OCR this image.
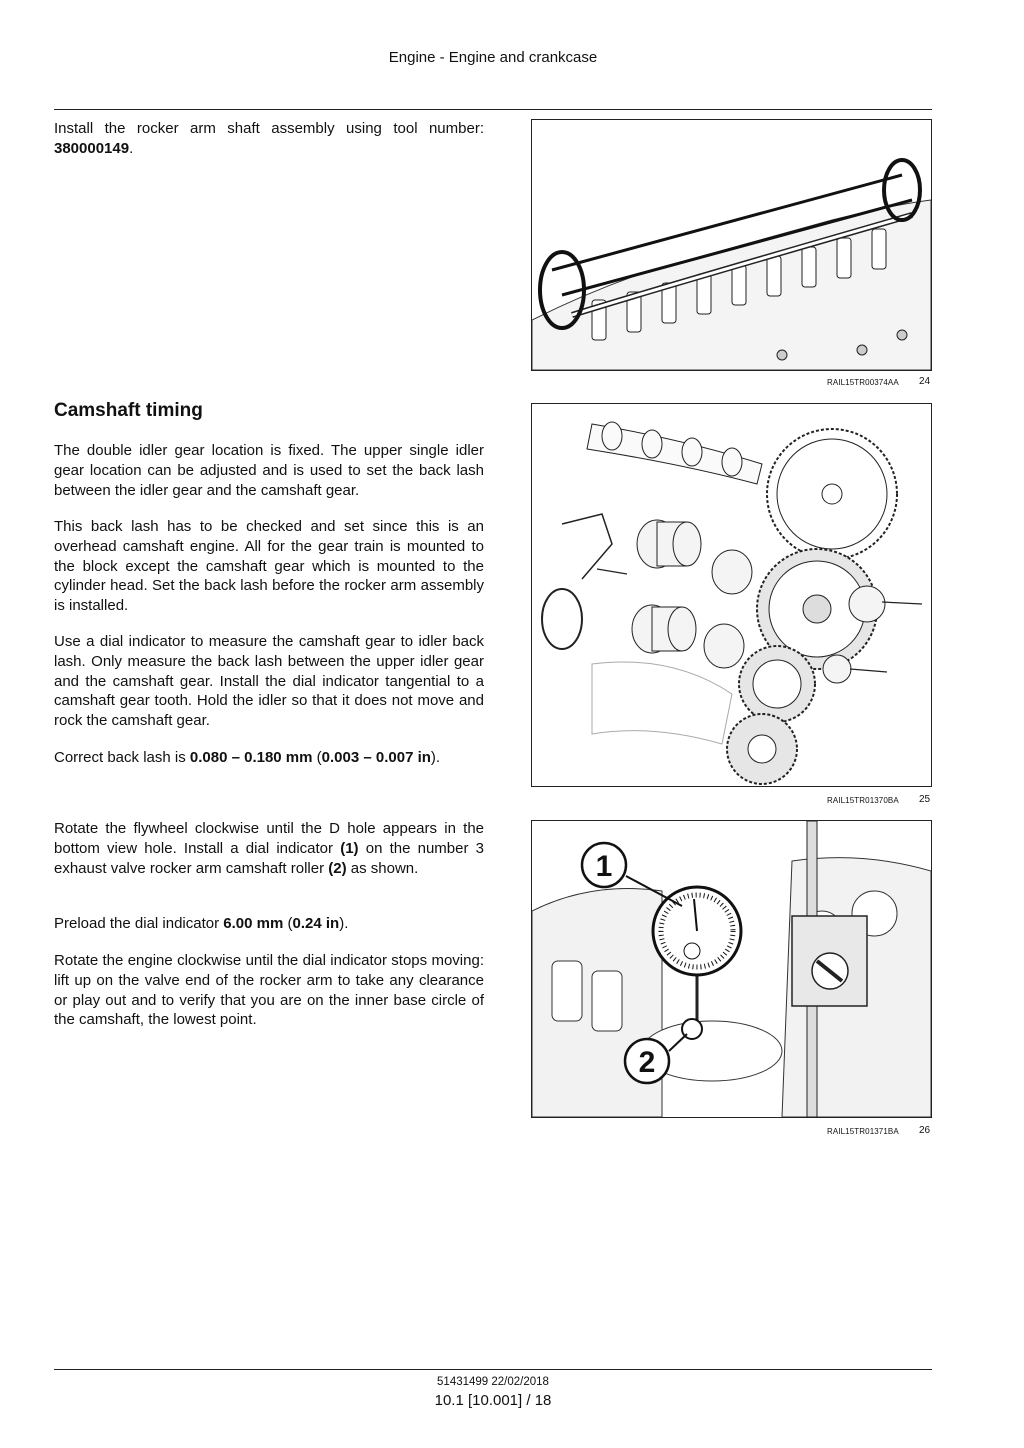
Engine - Engine and crankcase
Install the rocker arm shaft assembly using tool number: 380000149.
RAIL15TR00374AA 24
Camshaft timing
The double idler gear location is fixed. The upper single idler gear location can be adjusted and is used to set the back lash between the idler gear and the camshaft gear.
This back lash has to be checked and set since this is an overhead camshaft engine. All for the gear train is mounted to the block except the camshaft gear which is mounted to the cylinder head. Set the back lash before the rocker arm assembly is installed.
Use a dial indicator to measure the camshaft gear to idler back lash. Only measure the back lash between the upper idler gear and the camshaft gear. Install the dial indicator tangential to a camshaft gear tooth. Hold the idler so that it does not move and rock the camshaft gear.
Correct back lash is 0.080 – 0.180 mm (0.003 – 0.007 in).
RAIL15TR01370BA 25
Rotate the flywheel clockwise until the D hole appears in the bottom view hole. Install a dial indicator (1) on the number 3 exhaust valve rocker arm camshaft roller (2) as shown.
Preload the dial indicator 6.00 mm (0.24 in).
Rotate the engine clockwise until the dial indicator stops moving: lift up on the valve end of the rocker arm to take any clearance or play out and to verify that you are on the inner base circle of the camshaft, the lowest point.
1
2
RAIL15TR01371BA 26
51431499 22/02/2018
10.1 [10.001] / 18
